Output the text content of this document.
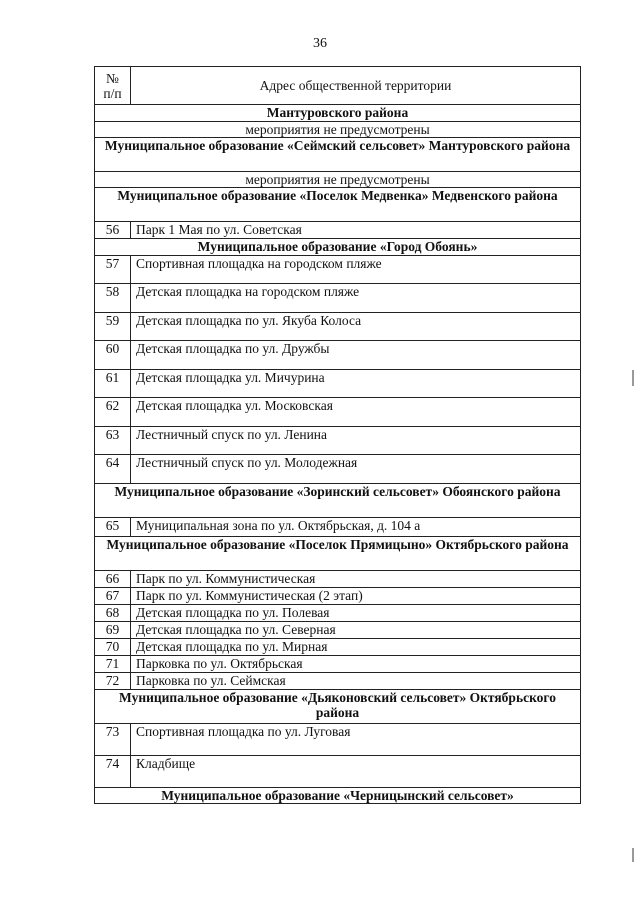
36
№
п/п	Адрес общественной территории
Мантуровского района	
мероприятия не предусмотрены	
Муниципальное образование «Сеймский сельсовет» Мантуровского района	
мероприятия не предусмотрены	
Муниципальное образование «Поселок Медвенка» Медвенского района	
56	Парк 1 Мая по ул. Советская
Муниципальное образование «Город Обоянь»	
57	Спортивная площадка на городском пляже
58	Детская площадка на городском пляже
59	Детская площадка по ул. Якуба Колоса
60	Детская площадка по ул. Дружбы
61	Детская площадка ул. Мичурина
62	Детская площадка ул. Московская
63	Лестничный спуск по ул. Ленина
64	Лестничный спуск по ул. Молодежная
Муниципальное образование «Зоринский сельсовет» Обоянского района	
65	Муниципальная зона по ул. Октябрьская, д. 104 а
Муниципальное образование «Поселок Прямицыно» Октябрьского района	
66	Парк по ул. Коммунистическая
67	Парк по ул. Коммунистическая (2 этап)
68	Детская площадка по ул. Полевая
69	Детская площадка по ул. Северная
70	Детская площадка по ул. Мирная
71	Парковка по ул. Октябрьская
72	Парковка по ул. Сеймская
Муниципальное образование «Дьяконовский сельсовет» Октябрьского района	
73	Спортивная площадка по ул. Луговая
74	Кладбище
Муниципальное образование «Черницынский сельсовет»	
